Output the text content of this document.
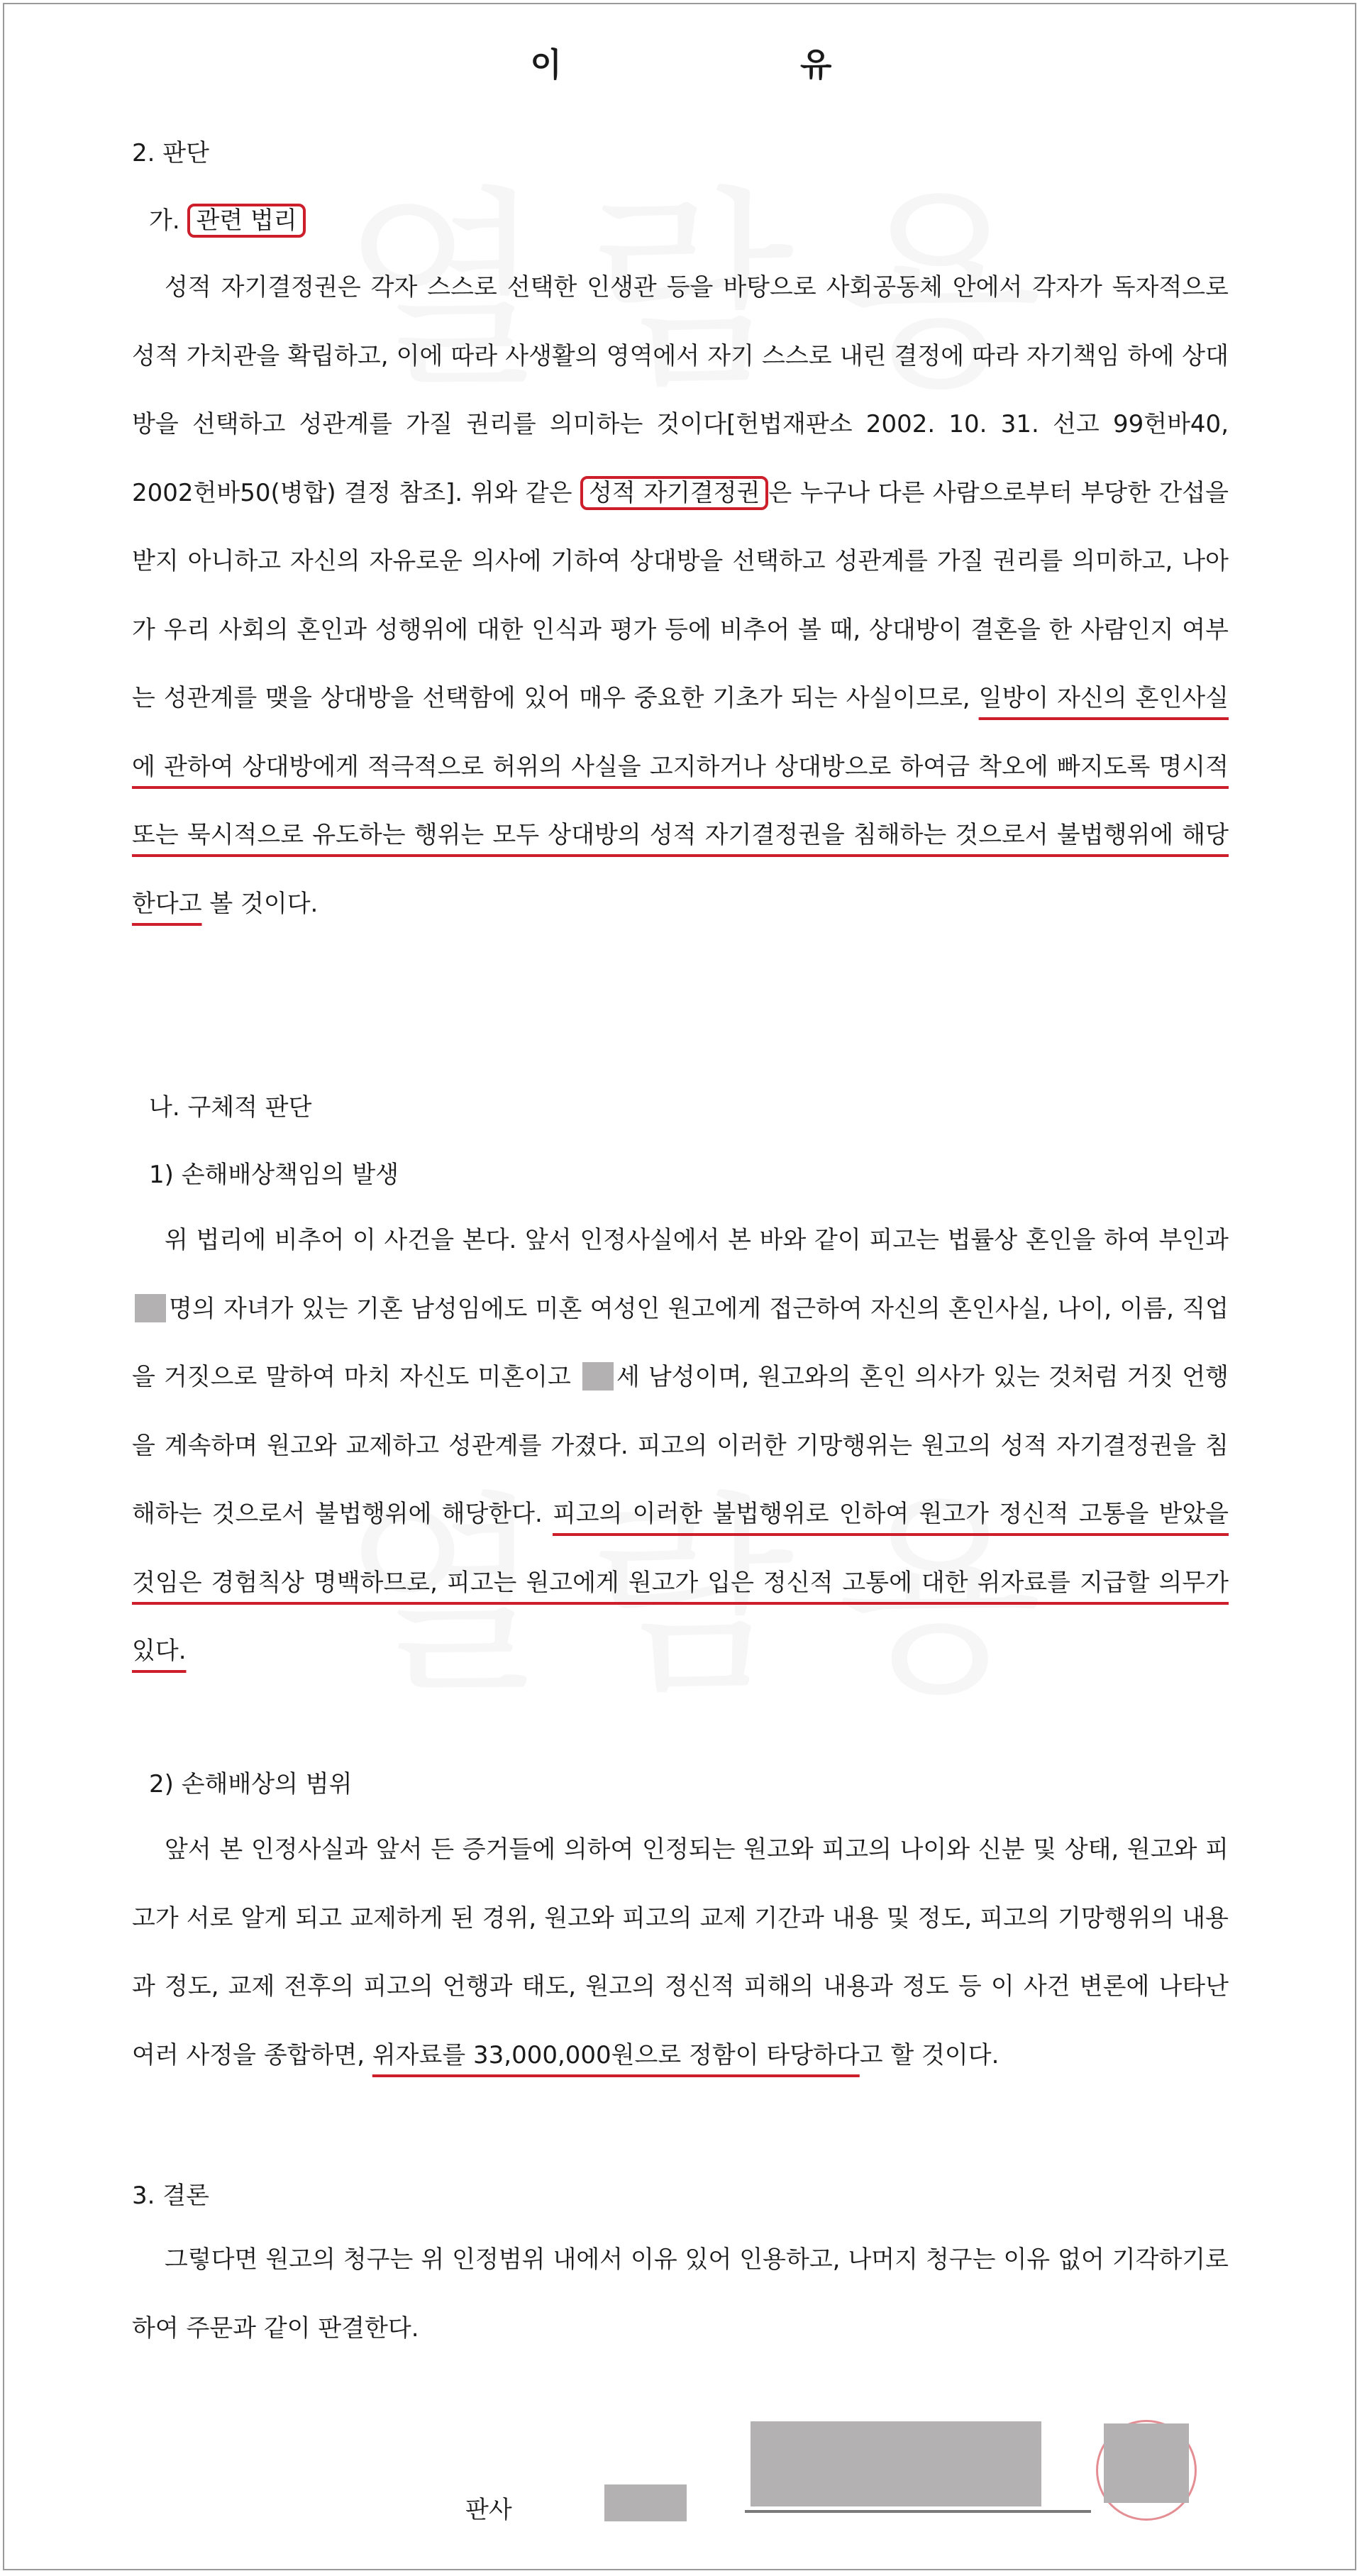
이 유
2. 판단
가. 관련 법리
성적 자기결정권은 각자 스스로 선택한 인생관 등을 바탕으로 사회공동체 안에서 각자가 독자적으로 성적 가치관을 확립하고, 이에 따라 사생활의 영역에서 자기 스스로 내린 결정에 따라 자기책임 하에 상대방을 선택하고 성관계를 가질 권리를 의미하는 것이다[헌법재판소 2002. 10. 31. 선고 99헌바40, 2002헌바50(병합) 결정 참조]. 위와 같은 성적 자기결정권 은 누구나 다른 사람으로부터 부당한 간섭을 받지 아니하고 자신의 자유로운 의사에 기하여 상대방을 선택하고 성관계를 가질 권리를 의미하고, 나아가 우리 사회의 혼인과 성행위에 대한 인식과 평가 등에 비추어 볼 때, 상대방이 결혼을 한 사람인지 여부는 성관계를 맺을 상대방을 선택함에 있어 매우 중요한 기초가 되는 사실이므로, 일방이 자신의 혼인사실에 관하여 상대방에게 적극적으로 허위의 사실을 고지하거나 상대방으로 하여금 착오에 빠지도록 명시적 또는 묵시적으로 유도하는 행위는 모두 상대방의 성적 자기결정권을 침해하는 것으로서 불법행위에 해당한다고 볼 것이다.
나. 구체적 판단
1) 손해배상책임의 발생
위 법리에 비추어 이 사건을 본다. 앞서 인정사실에서 본 바와 같이 피고는 법률상 혼인을 하여 부인과 명의 자녀가 있는 기혼 남성임에도 미혼 여성인 원고에게 접근하여 자신의 혼인사실, 나이, 이름, 직업을 거짓으로 말하여 마치 자신도 미혼이고 세 남성이며, 원고와의 혼인 의사가 있는 것처럼 거짓 언행을 계속하며 원고와 교제하고 성관계를 가졌다. 피고의 이러한 기망행위는 원고의 성적 자기결정권을 침해하는 것으로서 불법행위에 해당한다. 피고의 이러한 불법행위로 인하여 원고가 정신적 고통을 받았을 것임은 경험칙상 명백하므로, 피고는 원고에게 원고가 입은 정신적 고통에 대한 위자료를 지급할 의무가 있다.
2) 손해배상의 범위
앞서 본 인정사실과 앞서 든 증거들에 의하여 인정되는 원고와 피고의 나이와 신분 및 상태, 원고와 피고가 서로 알게 되고 교제하게 된 경위, 원고와 피고의 교제 기간과 내용 및 정도, 피고의 기망행위의 내용과 정도, 교제 전후의 피고의 언행과 태도, 원고의 정신적 피해의 내용과 정도 등 이 사건 변론에 나타난 여러 사정을 종합하면, 위자료를 33,000,000원으로 정함이 타당하다고 할 것이다.
3. 결론
그렇다면 원고의 청구는 위 인정범위 내에서 이유 있어 인용하고, 나머지 청구는 이유 없어 기각하기로 하여 주문과 같이 판결한다.
판사
